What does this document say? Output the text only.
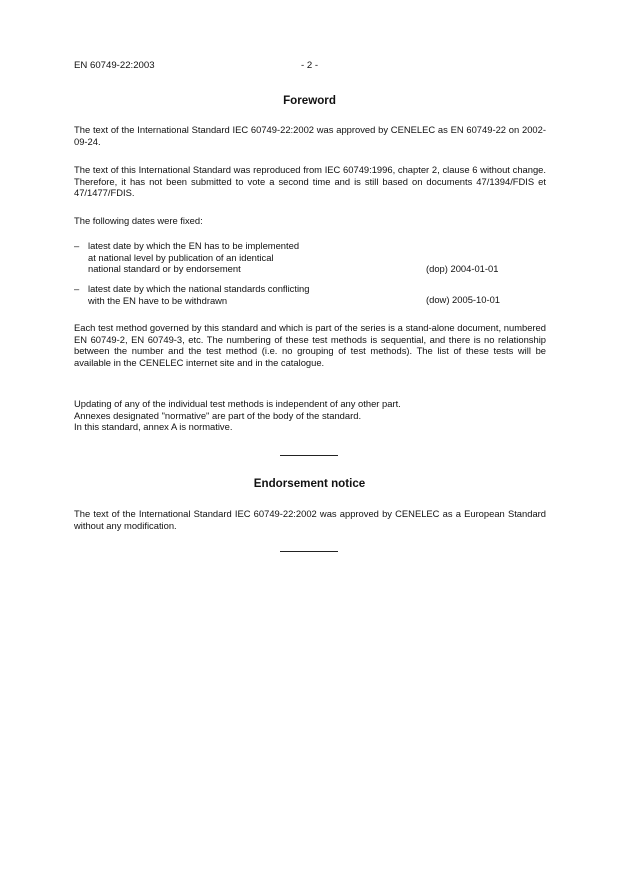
EN 60749-22:2003	- 2 -
Foreword

The text of the International Standard IEC 60749-22:2002 was approved by CENELEC as EN 60749-22 on 2002-09-24.

The text of this International Standard was reproduced from IEC 60749:1996, chapter 2, clause 6 without change. Therefore, it has not been submitted to vote a second time and is still based on documents 47/1394/FDIS et 47/1477/FDIS.

The following dates were fixed:

– latest date by which the EN has to be implemented
at national level by publication of an identical
national standard or by endorsement	(dop) 2004-01-01
– latest date by which the national standards conflicting
with the EN have to be withdrawn	(dow) 2005-10-01

Each test method governed by this standard and which is part of the series is a stand-alone document, numbered EN 60749-2, EN 60749-3, etc. The numbering of these test methods is sequential, and there is no relationship between the number and the test method (i.e. no grouping of test methods). The list of these tests will be available in the CENELEC internet site and in the catalogue.

Updating of any of the individual test methods is independent of any other part.
Annexes designated "normative" are part of the body of the standard.
In this standard, annex A is normative.
Endorsement notice

The text of the International Standard IEC 60749-22:2002 was approved by CENELEC as a European Standard without any modification.
